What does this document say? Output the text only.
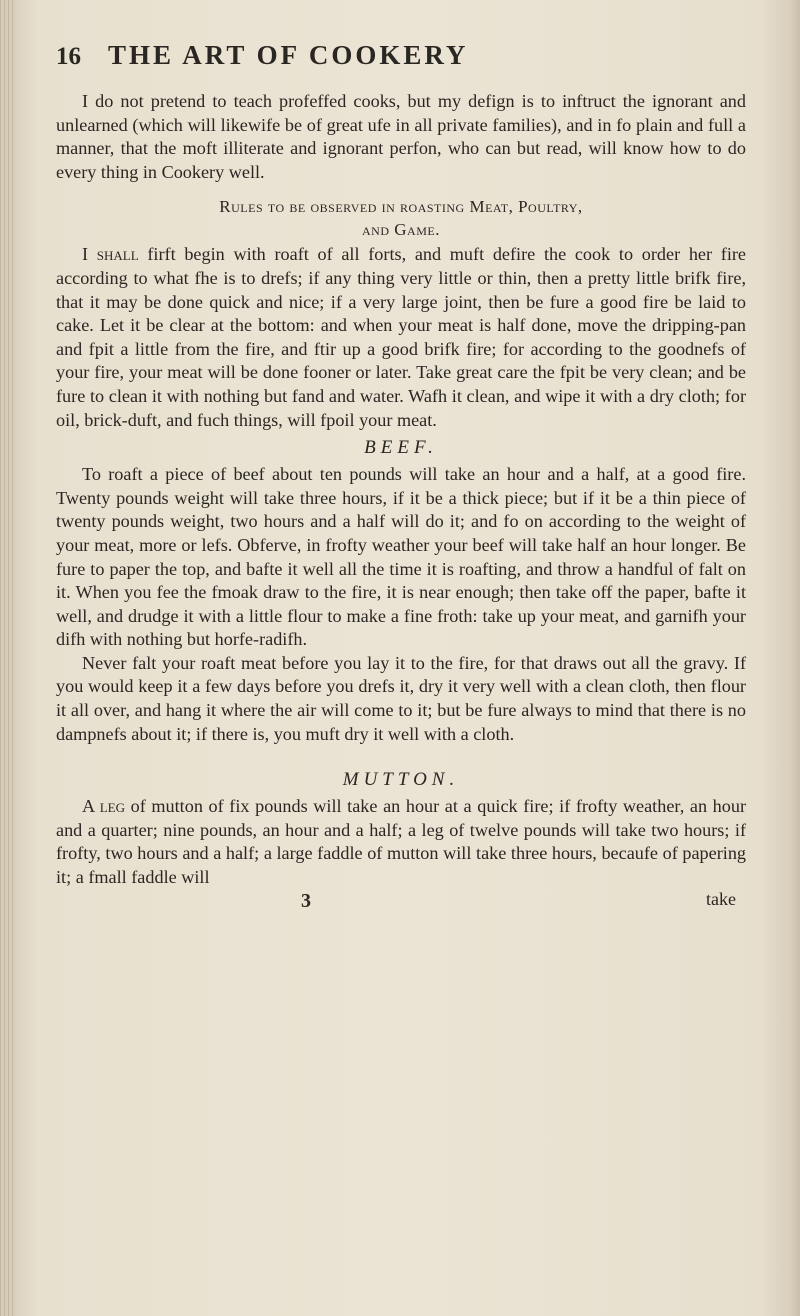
16	THE ART OF COOKERY

I do not pretend to teach profeffed cooks, but my defign is to inftruct the ignorant and unlearned (which will likewife be of great ufe in all private families), and in fo plain and full a manner, that the moft illiterate and ignorant perfon, who can but read, will know how to do every thing in Cookery well.

Rules to be observed in roasting Meat, Poultry,
and Game.

I shall firft begin with roaft of all forts, and muft defire the cook to order her fire according to what fhe is to drefs; if any thing very little or thin, then a pretty little brifk fire, that it may be done quick and nice; if a very large joint, then be fure a good fire be laid to cake. Let it be clear at the bottom: and when your meat is half done, move the dripping-pan and fpit a little from the fire, and ftir up a good brifk fire; for according to the goodnefs of your fire, your meat will be done fooner or later. Take great care the fpit be very clean; and be fure to clean it with nothing but fand and water. Wafh it clean, and wipe it with a dry cloth; for oil, brick-duft, and fuch things, will fpoil your meat.

BEEF.

To roaft a piece of beef about ten pounds will take an hour and a half, at a good fire. Twenty pounds weight will take three hours, if it be a thick piece; but if it be a thin piece of twenty pounds weight, two hours and a half will do it; and fo on according to the weight of your meat, more or lefs. Obferve, in frofty weather your beef will take half an hour longer. Be fure to paper the top, and bafte it well all the time it is roafting, and throw a handful of falt on it. When you fee the fmoak draw to the fire, it is near enough; then take off the paper, bafte it well, and drudge it with a little flour to make a fine froth: take up your meat, and garnifh your difh with nothing but horfe-radifh.

Never falt your roaft meat before you lay it to the fire, for that draws out all the gravy. If you would keep it a few days before you drefs it, dry it very well with a clean cloth, then flour it all over, and hang it where the air will come to it; but be fure always to mind that there is no dampnefs about it; if there is, you muft dry it well with a cloth.

MUTTON.

A leg of mutton of fix pounds will take an hour at a quick fire; if frofty weather, an hour and a quarter; nine pounds, an hour and a half; a leg of twelve pounds will take two hours; if frofty, two hours and a half; a large faddle of mutton will take three hours, becaufe of papering it; a fmall faddle will

3	take
